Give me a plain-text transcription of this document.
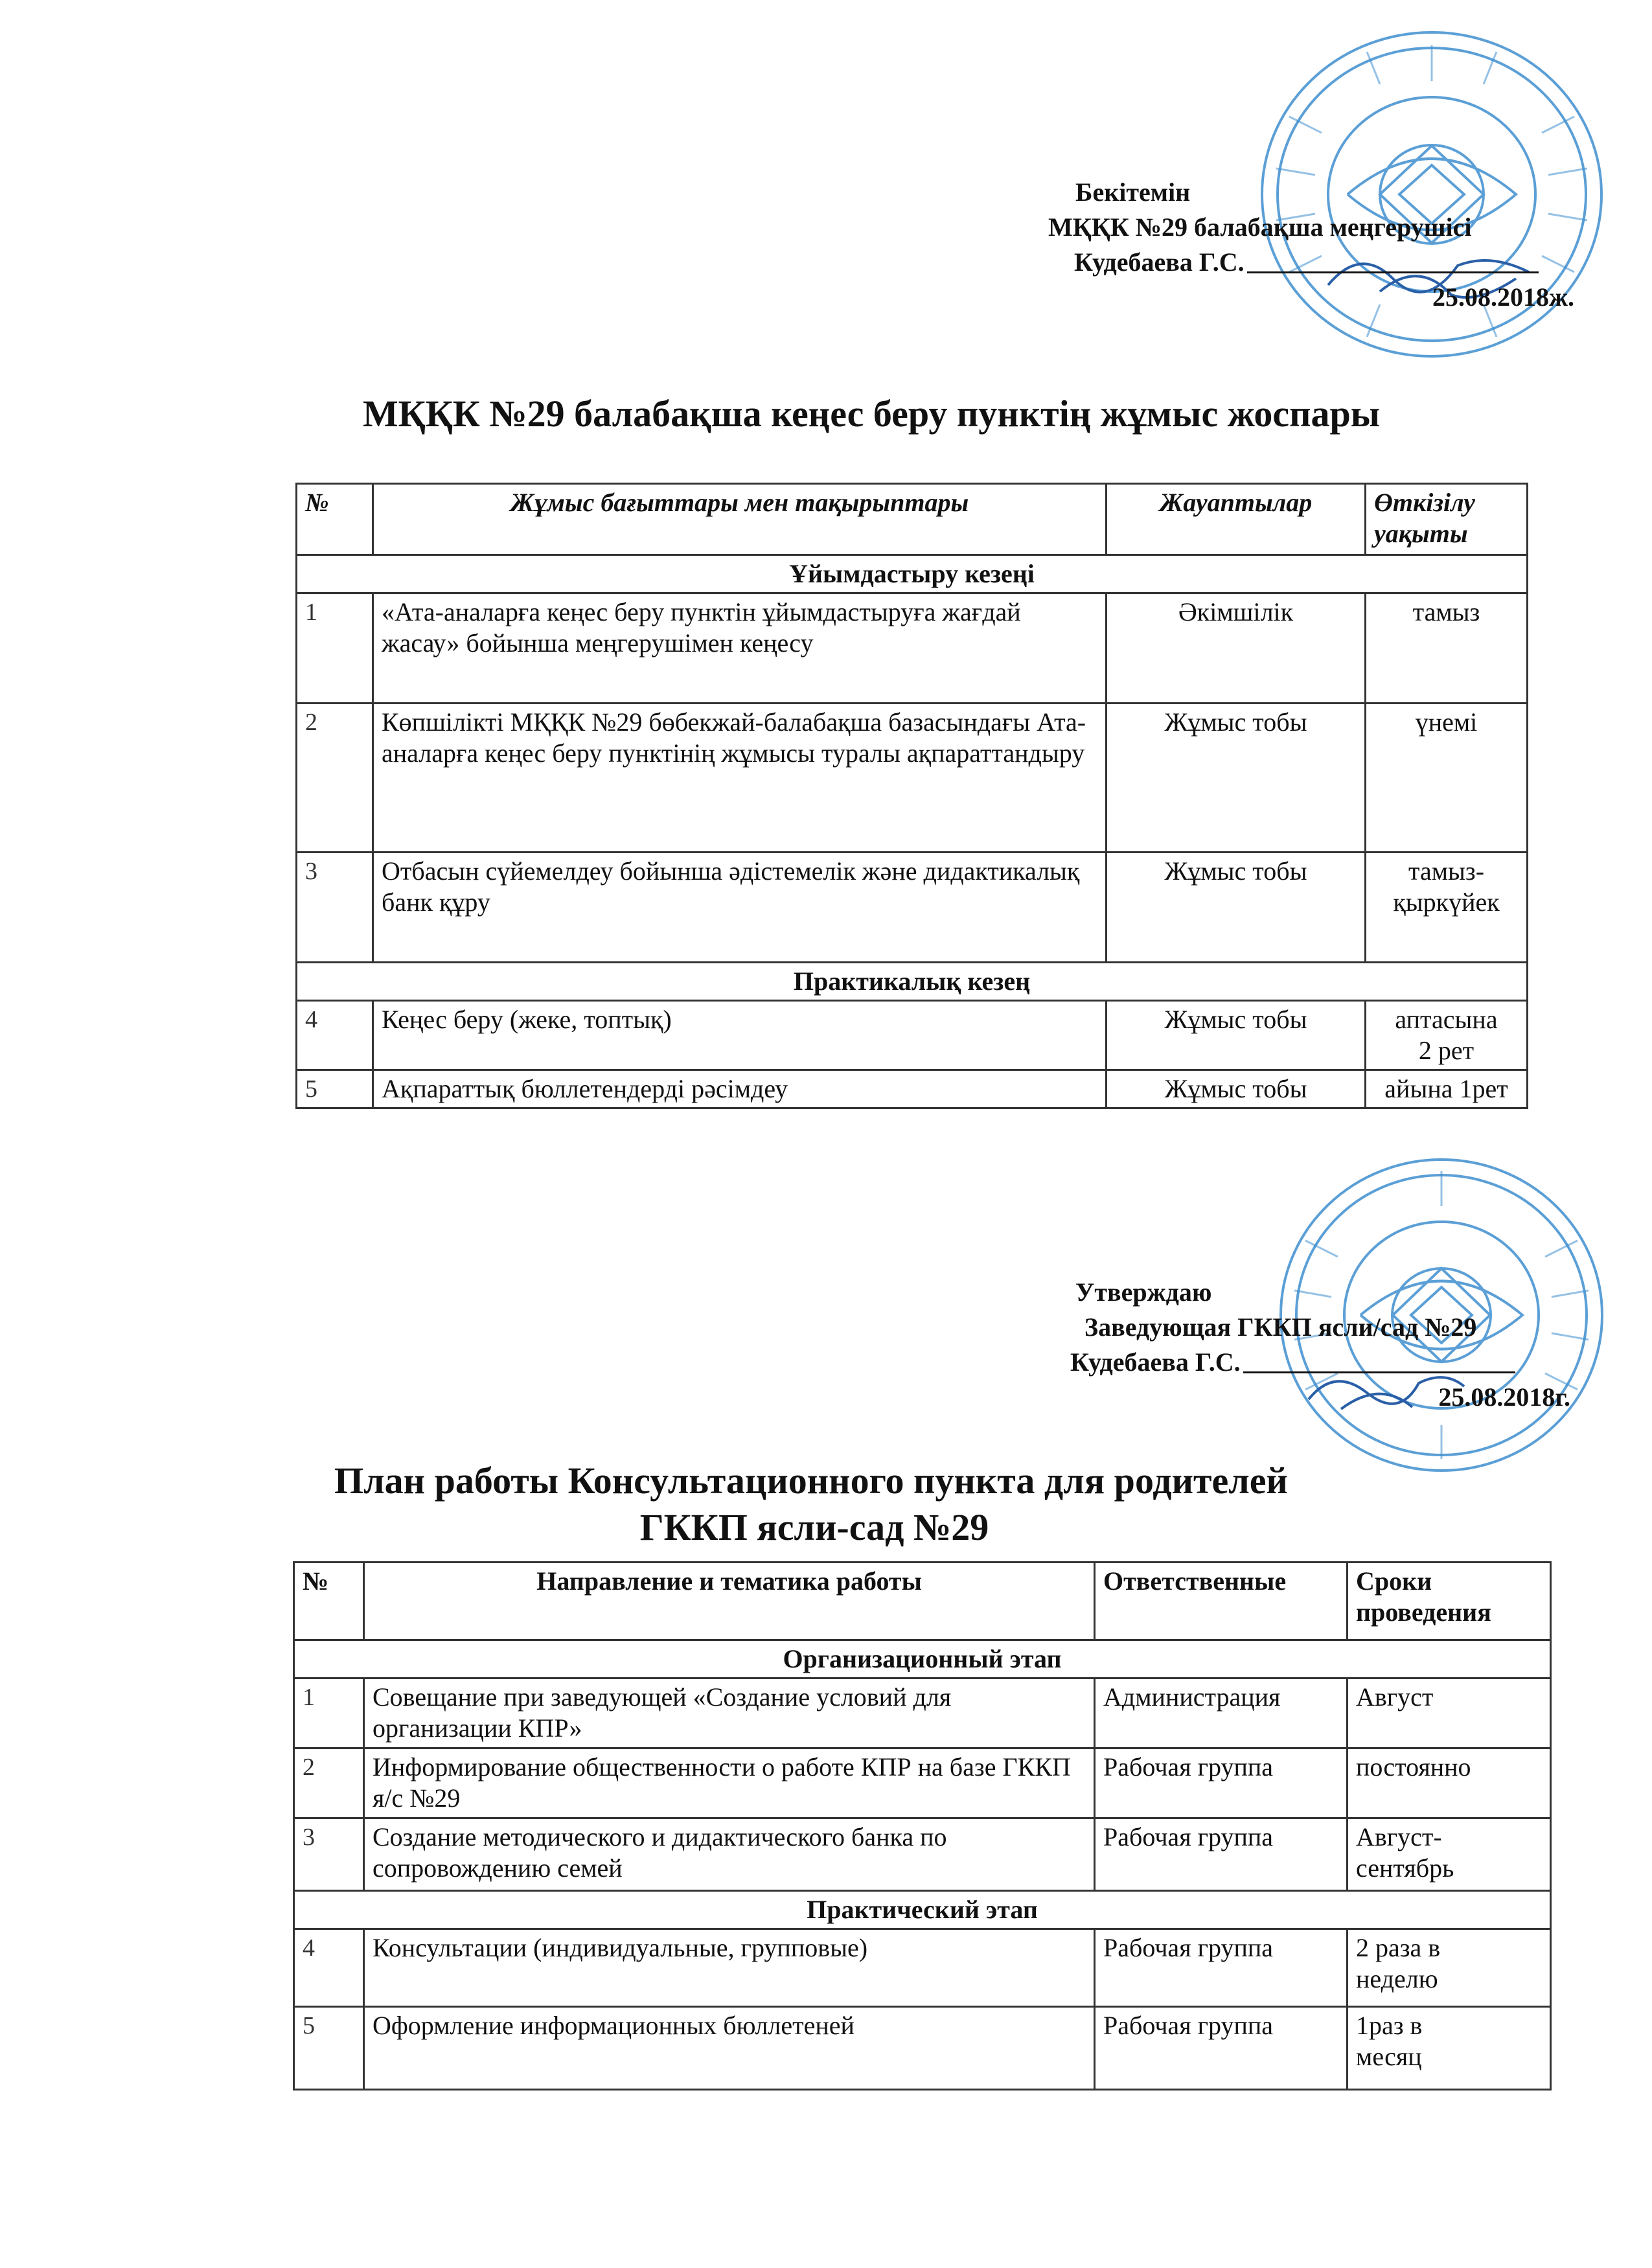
Бекітемін
МҚҚК №29 балабақша меңгерушісі
Кудебаева Г.С.
25.08.2018ж.
МҚҚК №29 балабақша кеңес беру пунктің жұмыс жоспары
№	Жұмыс бағыттары мен тақырыптары	Жауаптылар	Өткізілу уақыты
Ұйымдастыру кезеңі			
1	«Ата-аналарға кеңес беру пунктін ұйымдастыруға жағдай жасау» бойынша меңгерушімен кеңесу	Әкімшілік	тамыз
2	Көпшілікті МҚҚК №29 бөбекжай-балабақша базасындағы Ата-аналарға кеңес беру пунктінің жұмысы туралы ақпараттандыру	Жұмыс тобы	үнемі
3	Отбасын сүйемелдеу бойынша әдістемелік және дидактикалық банк құру	Жұмыс тобы	тамыз-қыркүйек
Практикалық кезең			
4	Кеңес беру (жеке, топтық)	Жұмыс тобы	аптасына 2 рет
5	Ақпараттық бюллетендерді рәсімдеу	Жұмыс тобы	айына 1рет
Утверждаю
Заведующая ГККП ясли/сад №29
Кудебаева Г.С.
25.08.2018г.
План работы Консультационного пункта для родителей
ГККП ясли-сад №29
№	Направление и тематика работы	Ответственные	Сроки проведения
Организационный этап			
1	Совещание при заведующей «Создание условий для организации КПР»	Администрация	Август
2	Информирование общественности о работе КПР на базе ГККП я/с №29	Рабочая группа	постоянно
3	Создание методического и дидактического банка по сопровождению семей	Рабочая группа	Август-сентябрь
Практический этап			
4	Консультации (индивидуальные, групповые)	Рабочая группа	2 раза в неделю
5	Оформление информационных бюллетеней	Рабочая группа	1раз в месяц
